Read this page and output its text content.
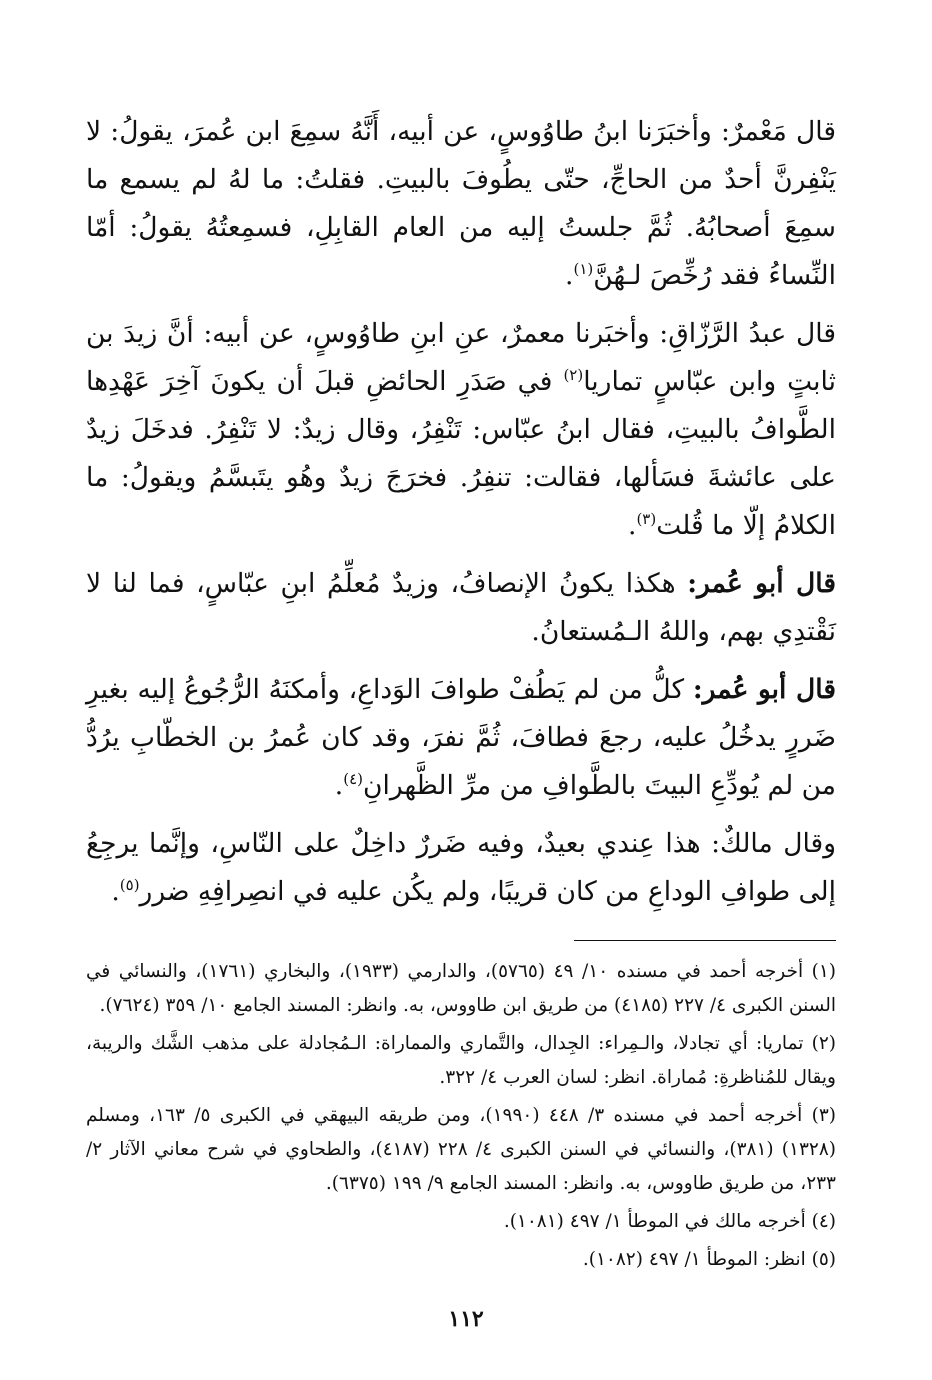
قال مَعْمرٌ: وأخبَرَنا ابنُ طاوُوسٍ، عن أبيه، أَنَّهُ سمِعَ ابن عُمرَ، يقولُ: لا يَنْفِرنَّ أحدٌ من الحاجِّ، حتّى يطُوفَ بالبيتِ. فقلتُ: ما لهُ لم يسمع ما سمِعَ أصحابُهُ. ثُمَّ جلستُ إليه من العام القابِلِ، فسمِعتُهُ يقولُ: أمّا النِّساءُ فقد رُخِّصَ لـهُنَّ$^{(١)}$.

قال عبدُ الرَّزّاقِ: وأخبَرنا معمرٌ، عنِ ابنِ طاوُوسٍ، عن أبيه: أنَّ زيدَ بن ثابتٍ وابن عبّاسٍ تماريا$^{(٢)}$ في صَدَرِ الحائضِ قبلَ أن يكونَ آخِرَ عَهْدِها الطَّوافُ بالبيتِ، فقال ابنُ عبّاس: تَنْفِرُ، وقال زيدٌ: لا تَنْفِرُ. فدخَلَ زيدٌ على عائشةَ فسَألها، فقالت: تنفِرُ. فخرَجَ زيدٌ وهُو يتَبسَّمُ ويقولُ: ما الكلامُ إلّا ما قُلت$^{(٣)}$.

قال أبو عُمر: هكذا يكونُ الإنصافُ، وزيدٌ مُعلِّمُ ابنِ عبّاسٍ، فما لنا لا نَقْتدِي بهم، واللهُ الـمُستعانُ.

قال أبو عُمر: كلُّ من لم يَطُفْ طوافَ الوَداعِ، وأمكنَهُ الرُّجُوعُ إليه بغيرِ ضَررٍ يدخُلُ عليه، رجعَ فطافَ، ثُمَّ نفرَ، وقد كان عُمرُ بن الخطّابِ يرُدُّ من لم يُودِّعِ البيتَ بالطَّوافِ من مرِّ الظَّهرانِ$^{(٤)}$.

وقال مالكٌ: هذا عِندي بعيدٌ، وفيه ضَررٌ داخِلٌ على النّاسِ، وإنَّما يرجِعُ إلى طوافِ الوداعِ من كان قريبًا، ولم يكُن عليه في انصِرافِهِ ضرر$^{(٥)}$.

(١) أخرجه أحمد في مسنده ١٠/ ٤٩ (٥٧٦٥)، والدارمي (١٩٣٣)، والبخاري (١٧٦١)، والنسائي في السنن الكبرى ٤/ ٢٢٧ (٤١٨٥) من طريق ابن طاووس، به. وانظر: المسند الجامع ١٠/ ٣٥٩ (٧٦٢٤).

(٢) تماريا: أي تجادلا، والـمِراء: الجِدال، والتَّماري والمماراة: الـمُجادلة على مذهب الشَّك والريبة، ويقال للمُناظرةِ: مُماراة. انظر: لسان العرب ٤/ ٣٢٢.

(٣) أخرجه أحمد في مسنده ٣/ ٤٤٨ (١٩٩٠)، ومن طريقه البيهقي في الكبرى ٥/ ١٦٣، ومسلم (١٣٢٨) (٣٨١)، والنسائي في السنن الكبرى ٤/ ٢٢٨ (٤١٨٧)، والطحاوي في شرح معاني الآثار ٢/ ٢٣٣، من طريق طاووس، به. وانظر: المسند الجامع ٩/ ١٩٩ (٦٣٧٥).

(٤) أخرجه مالك في الموطأ ١/ ٤٩٧ (١٠٨١).

(٥) انظر: الموطأ ١/ ٤٩٧ (١٠٨٢).

١١٢
